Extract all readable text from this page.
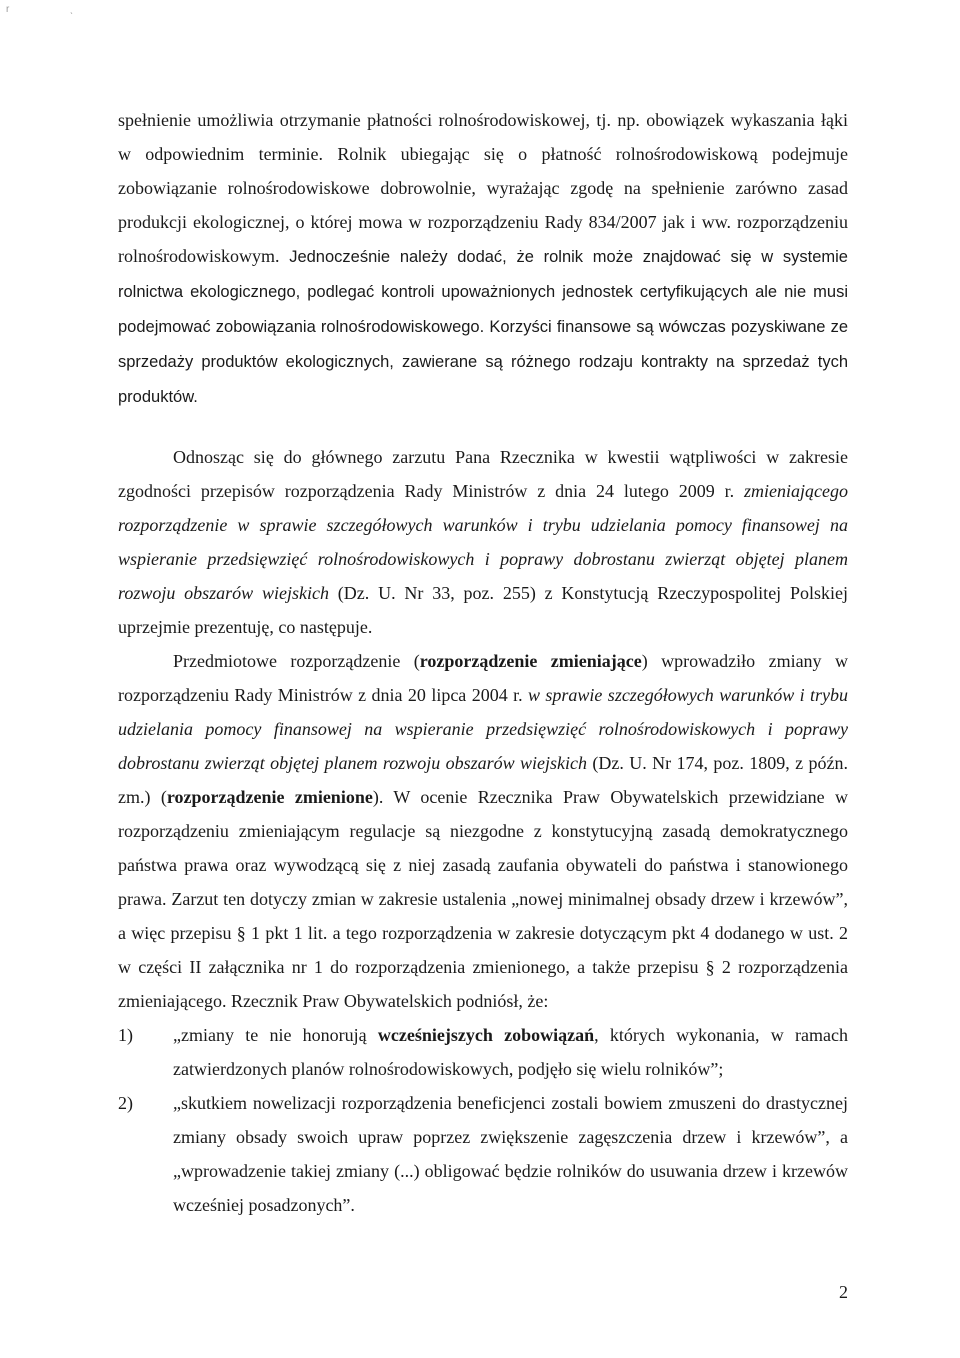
r	ˎ

spełnienie umożliwia otrzymanie płatności rolnośrodowiskowej, tj. np. obowiązek wykaszania łąki w odpowiednim terminie. Rolnik ubiegając się o płatność rolnośrodowiskową podejmuje zobowiązanie rolnośrodowiskowe dobrowolnie, wyrażając zgodę na spełnienie zarówno zasad produkcji ekologicznej, o której mowa w rozporządzeniu Rady 834/2007 jak i ww. rozporządzeniu rolnośrodowiskowym. Jednocześnie należy dodać, że rolnik może znajdować się w systemie rolnictwa ekologicznego, podlegać kontroli upoważnionych jednostek certyfikujących ale nie musi podejmować zobowiązania rolnośrodowiskowego. Korzyści finansowe są wówczas pozyskiwane ze sprzedaży produktów ekologicznych, zawierane są różnego rodzaju kontrakty na sprzedaż tych produktów.

Odnosząc się do głównego zarzutu Pana Rzecznika w kwestii wątpliwości w zakresie zgodności przepisów rozporządzenia Rady Ministrów z dnia 24 lutego 2009 r. zmieniającego rozporządzenie w sprawie szczegółowych warunków i trybu udzielania pomocy finansowej na wspieranie przedsięwzięć rolnośrodowiskowych i poprawy dobrostanu zwierząt objętej planem rozwoju obszarów wiejskich (Dz. U. Nr 33, poz. 255) z Konstytucją Rzeczypospolitej Polskiej uprzejmie prezentuję, co następuje.

Przedmiotowe rozporządzenie (rozporządzenie zmieniające) wprowadziło zmiany w rozporządzeniu Rady Ministrów z dnia 20 lipca 2004 r. w sprawie szczegółowych warunków i trybu udzielania pomocy finansowej na wspieranie przedsięwzięć rolnośrodowiskowych i poprawy dobrostanu zwierząt objętej planem rozwoju obszarów wiejskich (Dz. U. Nr 174, poz. 1809, z późn. zm.) (rozporządzenie zmienione). W ocenie Rzecznika Praw Obywatelskich przewidziane w rozporządzeniu zmieniającym regulacje są niezgodne z konstytucyjną zasadą demokratycznego państwa prawa oraz wywodzącą się z niej zasadą zaufania obywateli do państwa i stanowionego prawa. Zarzut ten dotyczy zmian w zakresie ustalenia „nowej minimalnej obsady drzew i krzewów”, a więc przepisu § 1 pkt 1 lit. a tego rozporządzenia w zakresie dotyczącym pkt 4 dodanego w ust. 2 w części II załącznika nr 1 do rozporządzenia zmienionego, a także przepisu § 2 rozporządzenia zmieniającego. Rzecznik Praw Obywatelskich podniósł, że:

1)	„zmiany te nie honorują wcześniejszych zobowiązań, których wykonania, w ramach zatwierdzonych planów rolnośrodowiskowych, podjęło się wielu rolników”;
2)	„skutkiem nowelizacji rozporządzenia beneficjenci zostali bowiem zmuszeni do drastycznej zmiany obsady swoich upraw poprzez zwiększenie zagęszczenia drzew i krzewów”, a „wprowadzenie takiej zmiany (...) obligować będzie rolników do usuwania drzew i krzewów wcześniej posadzonych”.
2
